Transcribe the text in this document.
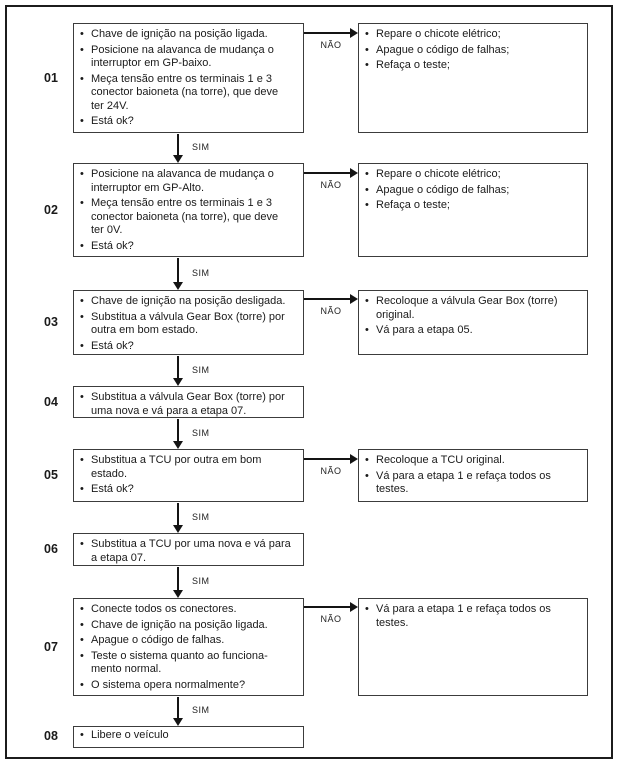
01
• Chave de ignição na posição ligada.
• Posicione na alavanca de mudança o interruptor em GP-baixo.
• Meça tensão entre os terminais 1 e 3 conector baioneta (na torre), que deve ter 24V.
• Está ok?
NÃO
• Repare o chicote elétrico;
• Apague o código de falhas;
• Refaça o teste;
SIM
02
• Posicione na alavanca de mudança o interruptor em GP-Alto.
• Meça tensão entre os terminais 1 e 3 conector baioneta (na torre), que deve ter 0V.
• Está ok?
NÃO
• Repare o chicote elétrico;
• Apague o código de falhas;
• Refaça o teste;
SIM
03
• Chave de ignição na posição desligada.
• Substitua a válvula Gear Box (torre) por outra em bom estado.
• Está ok?
NÃO
• Recoloque a válvula Gear Box (torre) original.
• Vá para a etapa 05.
SIM
04	• Substitua a válvula Gear Box (torre) por uma nova e vá para a etapa 07.
SIM
05
• Substitua a TCU por outra em bom estado.
• Está ok?
NÃO
• Recoloque a TCU original.
• Vá para a etapa 1 e refaça todos os testes.
SIM
06	• Substitua a TCU por uma nova e vá para a etapa 07.
SIM
07
• Conecte todos os conectores.
• Chave de ignição na posição ligada.
• Apague o código de falhas.
• Teste o sistema quanto ao funcionamento normal.
• O sistema opera normalmente?
NÃO
• Vá para a etapa 1 e refaça todos os testes.
SIM
08	• Libere o veículo
